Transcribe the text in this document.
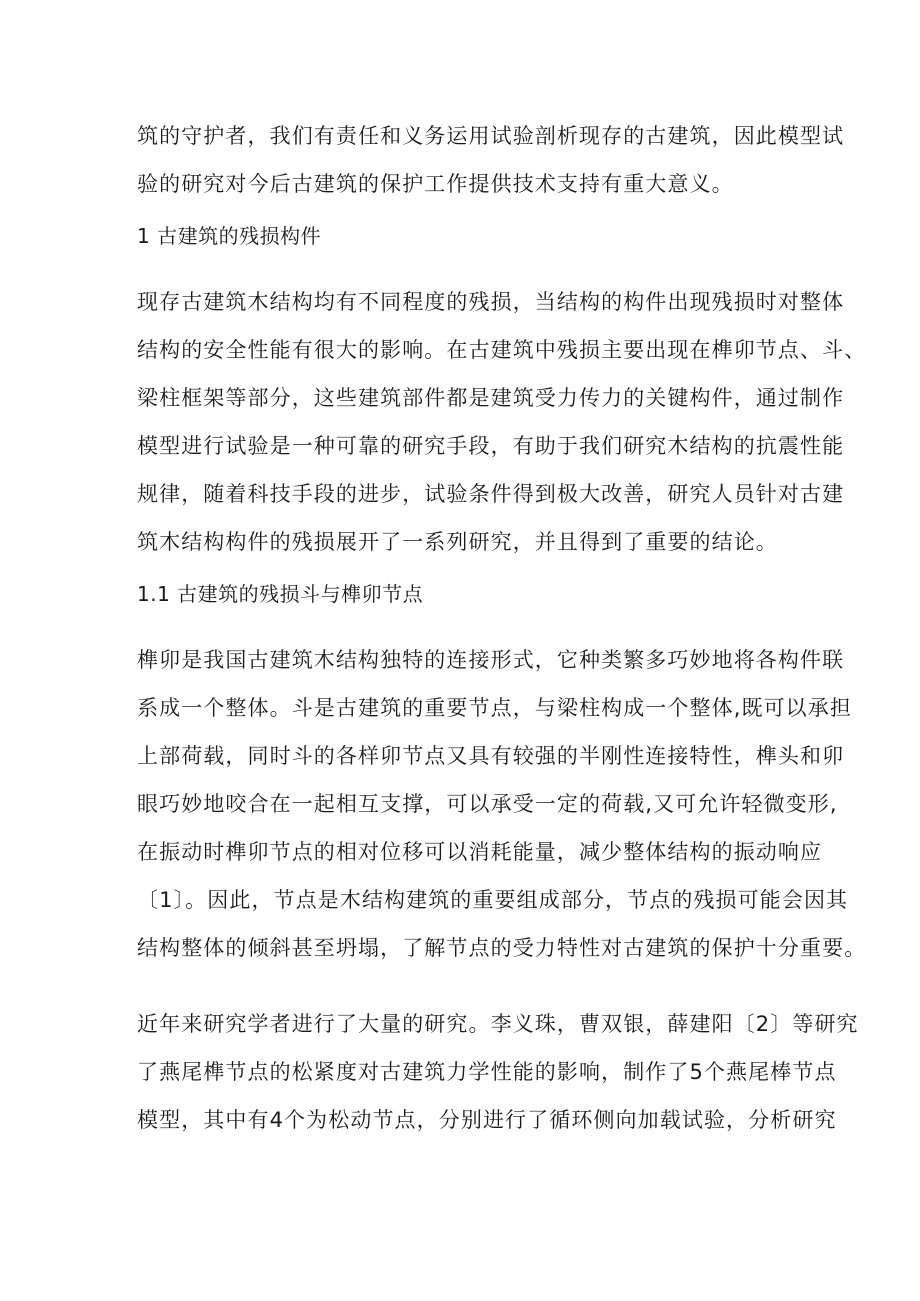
筑的守护者，我们有责任和义务运用试验剖析现存的古建筑，因此模型试
验的研究对今后古建筑的保护工作提供技术支持有重大意义。
1 古建筑的残损构件
现存古建筑木结构均有不同程度的残损，当结构的构件出现残损时对整体
结构的安全性能有很大的影响。在古建筑中残损主要出现在榫卯节点、斗、
梁柱框架等部分，这些建筑部件都是建筑受力传力的关键构件，通过制作
模型进行试验是一种可靠的研究手段，有助于我们研究木结构的抗震性能
规律，随着科技手段的进步，试验条件得到极大改善，研究人员针对古建
筑木结构构件的残损展开了一系列研究，并且得到了重要的结论。
1.1 古建筑的残损斗与榫卯节点
榫卯是我国古建筑木结构独特的连接形式，它种类繁多巧妙地将各构件联
系成一个整体。斗是古建筑的重要节点，与梁柱构成一个整体,既可以承担
上部荷载，同时斗的各样卯节点又具有较强的半刚性连接特性，榫头和卯
眼巧妙地咬合在一起相互支撑，可以承受一定的荷载,又可允许轻微变形,
在振动时榫卯节点的相对位移可以消耗能量，减少整体结构的振动响应
〔1〕。因此，节点是木结构建筑的重要组成部分，节点的残损可能会因其
结构整体的倾斜甚至坍塌，了解节点的受力特性对古建筑的保护十分重要。
近年来研究学者进行了大量的研究。李义珠，曹双银，薛建阳〔2〕等研究
了燕尾榫节点的松紧度对古建筑力学性能的影响，制作了5个燕尾棒节点
模型，其中有4个为松动节点，分别进行了循环侧向加载试验，分析研究
